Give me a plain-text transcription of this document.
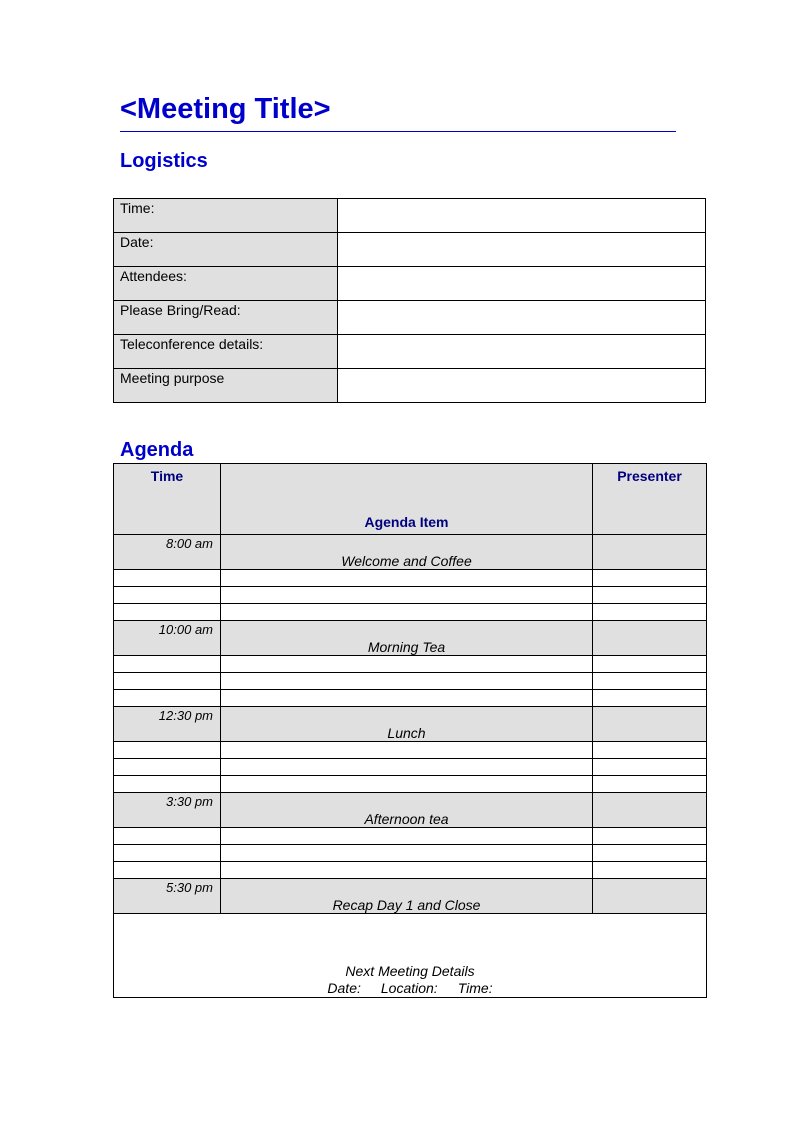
<Meeting Title>
Logistics
Time:	
Date:	
Attendees:	
Please Bring/Read:	
Teleconference details:	
Meeting purpose	
Agenda
Time	Agenda Item	Presenter
8:00 am	Welcome and Coffee	

10:00 am	Morning Tea	

12:30 pm	Lunch	

3:30 pm	Afternoon tea	

5:30 pm	Recap Day 1 and Close	

Next Meeting Details
Date: Location: Time:		
